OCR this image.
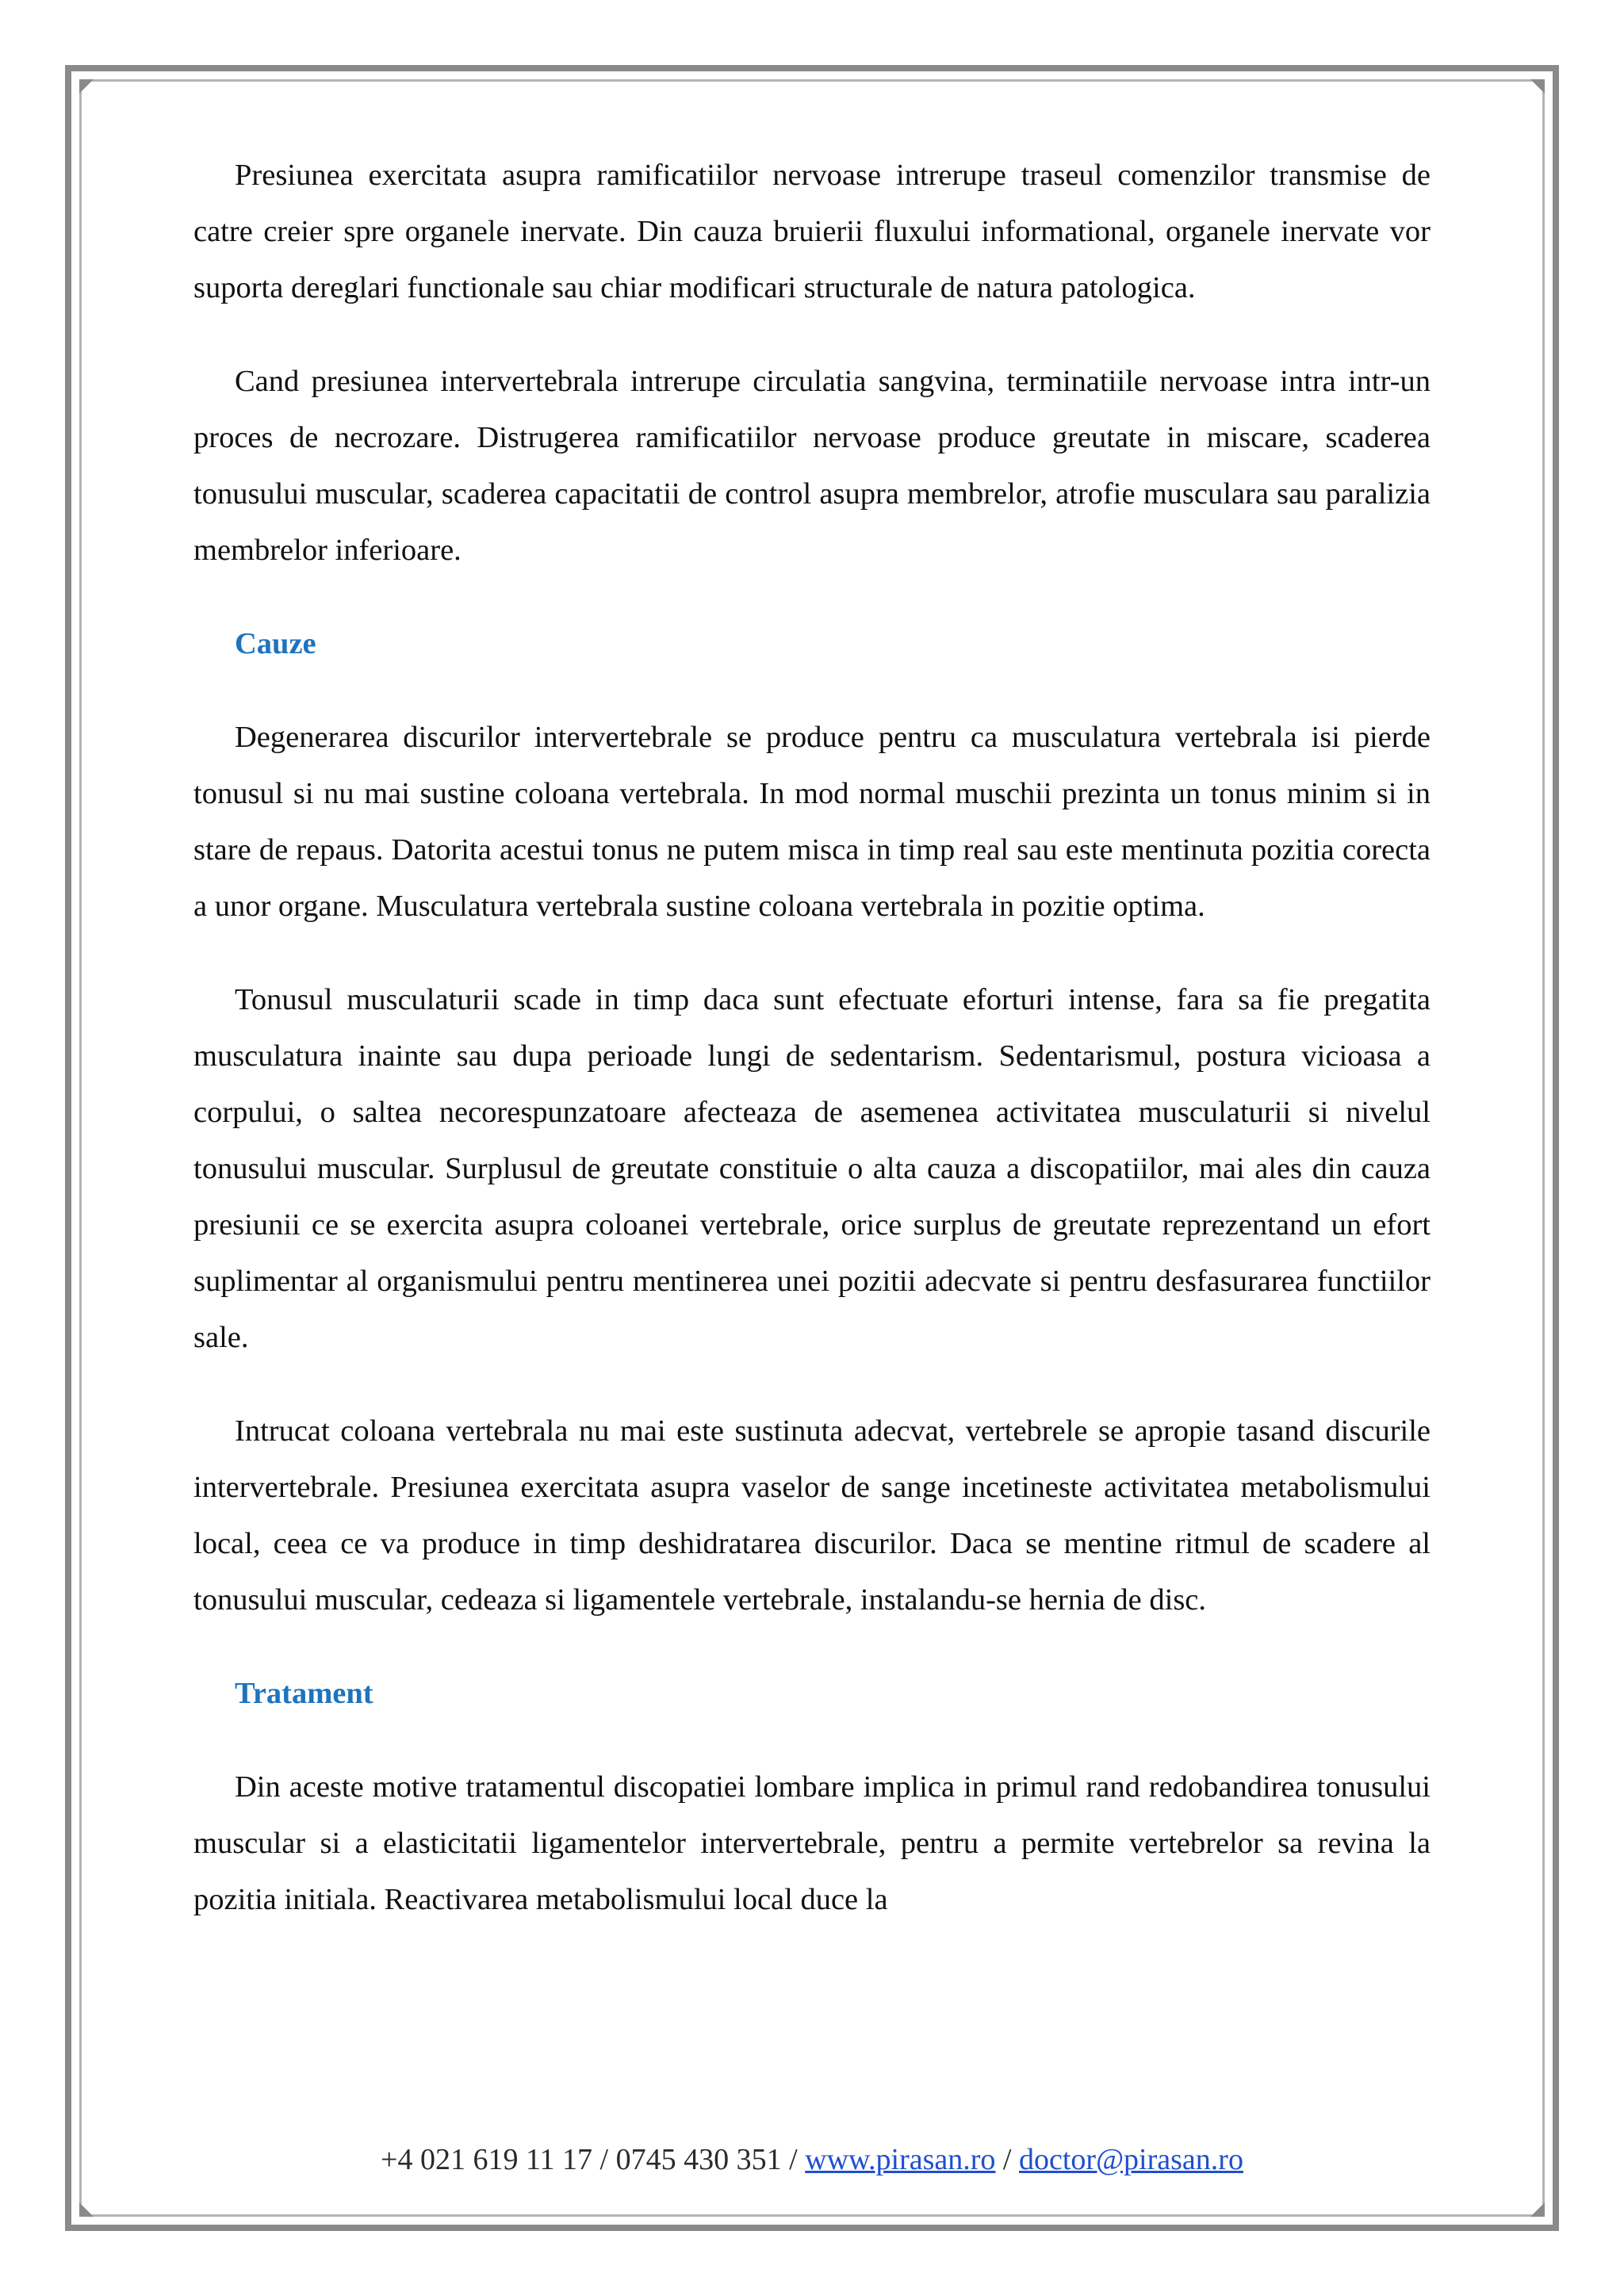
Presiunea exercitata asupra ramificatiilor nervoase intrerupe traseul comenzilor transmise de catre creier spre organele inervate. Din cauza bruierii fluxului informational, organele inervate vor suporta dereglari functionale sau chiar modificari structurale de natura patologica.

Cand presiunea intervertebrala intrerupe circulatia sangvina, terminatiile nervoase intra intr-un proces de necrozare. Distrugerea ramificatiilor nervoase produce greutate in miscare, scaderea tonusului muscular, scaderea capacitatii de control asupra membrelor, atrofie musculara sau paralizia membrelor inferioare.

Cauze

Degenerarea discurilor intervertebrale se produce pentru ca musculatura vertebrala isi pierde tonusul si nu mai sustine coloana vertebrala. In mod normal muschii prezinta un tonus minim si in stare de repaus. Datorita acestui tonus ne putem misca in timp real sau este mentinuta pozitia corecta a unor organe. Musculatura vertebrala sustine coloana vertebrala in pozitie optima.

Tonusul musculaturii scade in timp daca sunt efectuate eforturi intense, fara sa fie pregatita musculatura inainte sau dupa perioade lungi de sedentarism. Sedentarismul, postura vicioasa a corpului, o saltea necorespunzatoare afecteaza de asemenea activitatea musculaturii si nivelul tonusului muscular. Surplusul de greutate constituie o alta cauza a discopatiilor, mai ales din cauza presiunii ce se exercita asupra coloanei vertebrale, orice surplus de greutate reprezentand un efort suplimentar al organismului pentru mentinerea unei pozitii adecvate si pentru desfasurarea functiilor sale.

Intrucat coloana vertebrala nu mai este sustinuta adecvat, vertebrele se apropie tasand discurile intervertebrale. Presiunea exercitata asupra vaselor de sange incetineste activitatea metabolismului local, ceea ce va produce in timp deshidratarea discurilor. Daca se mentine ritmul de scadere al tonusului muscular, cedeaza si ligamentele vertebrale, instalandu-se hernia de disc.

Tratament

Din aceste motive tratamentul discopatiei lombare implica in primul rand redobandirea tonusului muscular si a elasticitatii ligamentelor intervertebrale, pentru a permite vertebrelor sa revina la pozitia initiala. Reactivarea metabolismului local duce la

+4 021 619 11 17 / 0745 430 351 / www.pirasan.ro / doctor@pirasan.ro
